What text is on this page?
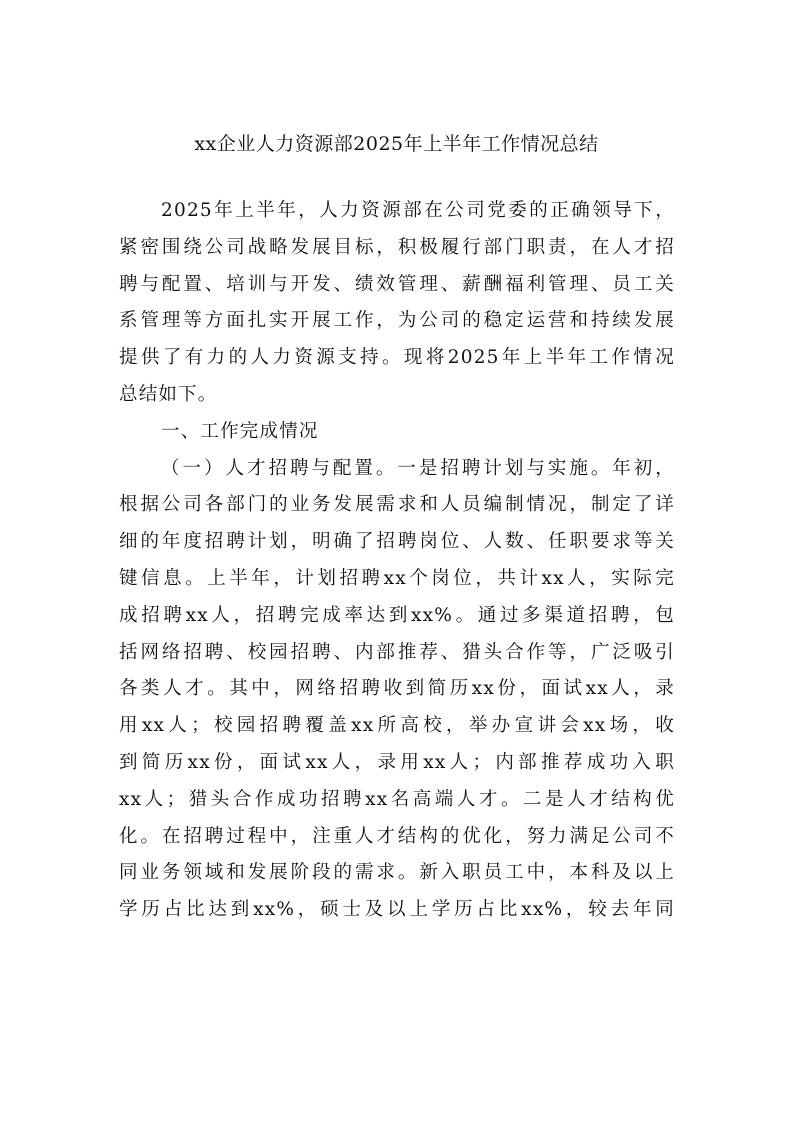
xx企业人力资源部2025年上半年工作情况总结
2025年上半年，人力资源部在公司党委的正确领导下，
紧密围绕公司战略发展目标，积极履行部门职责，在人才招
聘与配置、培训与开发、绩效管理、薪酬福利管理、员工关
系管理等方面扎实开展工作，为公司的稳定运营和持续发展
提供了有力的人力资源支持。现将2025年上半年工作情况
总结如下。
一、工作完成情况
（一）人才招聘与配置。一是招聘计划与实施。年初，
根据公司各部门的业务发展需求和人员编制情况，制定了详
细的年度招聘计划，明确了招聘岗位、人数、任职要求等关
键信息。上半年，计划招聘xx个岗位，共计xx人，实际完
成招聘xx人，招聘完成率达到xx%。通过多渠道招聘，包
括网络招聘、校园招聘、内部推荐、猎头合作等，广泛吸引
各类人才。其中，网络招聘收到简历xx份，面试xx人，录
用xx人；校园招聘覆盖xx所高校，举办宣讲会xx场，收
到简历xx份，面试xx人，录用xx人；内部推荐成功入职
xx人；猎头合作成功招聘xx名高端人才。二是人才结构优
化。在招聘过程中，注重人才结构的优化，努力满足公司不
同业务领域和发展阶段的需求。新入职员工中，本科及以上
学历占比达到xx%，硕士及以上学历占比xx%，较去年同
